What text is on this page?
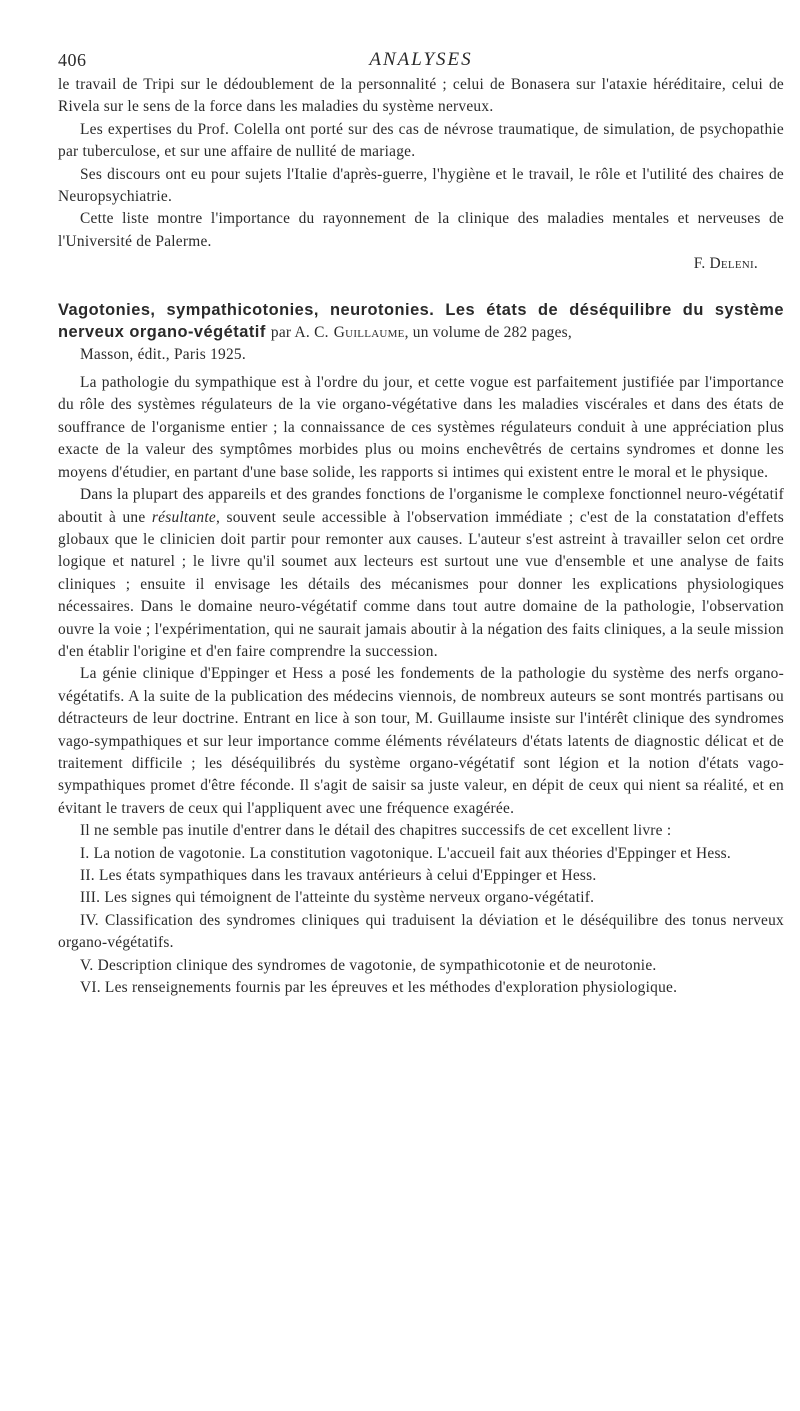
406	ANALYSES

le travail de Tripi sur le dédoublement de la personnalité ; celui de Bonasera sur l'ataxie héréditaire, celui de Rivela sur le sens de la force dans les maladies du système nerveux.

Les expertises du Prof. Colella ont porté sur des cas de névrose traumatique, de simulation, de psychopathie par tuberculose, et sur une affaire de nullité de mariage.

Ses discours ont eu pour sujets l'Italie d'après-guerre, l'hygiène et le travail, le rôle et l'utilité des chaires de Neuropsychiatrie.

Cette liste montre l'importance du rayonnement de la clinique des maladies mentales et nerveuses de l'Université de Palerme.
F. Deleni.

Vagotonies, sympathicotonies, neurotonies. Les états de déséquilibre du système nerveux organo-végétatif par A. C. Guillaume, un volume de 282 pages,

Masson, édit., Paris 1925.

La pathologie du sympathique est à l'ordre du jour, et cette vogue est parfaitement justifiée par l'importance du rôle des systèmes régulateurs de la vie organo-végétative dans les maladies viscérales et dans des états de souffrance de l'organisme entier ; la connaissance de ces systèmes régulateurs conduit à une appréciation plus exacte de la valeur des symptômes morbides plus ou moins enchevêtrés de certains syndromes et donne les moyens d'étudier, en partant d'une base solide, les rapports si intimes qui existent entre le moral et le physique.

Dans la plupart des appareils et des grandes fonctions de l'organisme le complexe fonctionnel neuro-végétatif aboutit à une résultante, souvent seule accessible à l'observation immédiate ; c'est de la constatation d'effets globaux que le clinicien doit partir pour remonter aux causes. L'auteur s'est astreint à travailler selon cet ordre logique et naturel ; le livre qu'il soumet aux lecteurs est surtout une vue d'ensemble et une analyse de faits cliniques ; ensuite il envisage les détails des mécanismes pour donner les explications physiologiques nécessaires. Dans le domaine neuro-végétatif comme dans tout autre domaine de la pathologie, l'observation ouvre la voie ; l'expérimentation, qui ne saurait jamais aboutir à la négation des faits cliniques, a la seule mission d'en établir l'origine et d'en faire comprendre la succession.

La génie clinique d'Eppinger et Hess a posé les fondements de la pathologie du système des nerfs organo-végétatifs. A la suite de la publication des médecins viennois, de nombreux auteurs se sont montrés partisans ou détracteurs de leur doctrine. Entrant en lice à son tour, M. Guillaume insiste sur l'intérêt clinique des syndromes vago-sympathiques et sur leur importance comme éléments révélateurs d'états latents de diagnostic délicat et de traitement difficile ; les déséquilibrés du système organo-végétatif sont légion et la notion d'états vago-sympathiques promet d'être féconde. Il s'agit de saisir sa juste valeur, en dépit de ceux qui nient sa réalité, et en évitant le travers de ceux qui l'appliquent avec une fréquence exagérée.

Il ne semble pas inutile d'entrer dans le détail des chapitres successifs de cet excellent livre :

I. La notion de vagotonie. La constitution vagotonique. L'accueil fait aux théories d'Eppinger et Hess.

II. Les états sympathiques dans les travaux antérieurs à celui d'Eppinger et Hess.

III. Les signes qui témoignent de l'atteinte du système nerveux organo-végétatif.

IV. Classification des syndromes cliniques qui traduisent la déviation et le déséquilibre des tonus nerveux organo-végétatifs.

V. Description clinique des syndromes de vagotonie, de sympathicotonie et de neurotonie.

VI. Les renseignements fournis par les épreuves et les méthodes d'exploration physiologique.
